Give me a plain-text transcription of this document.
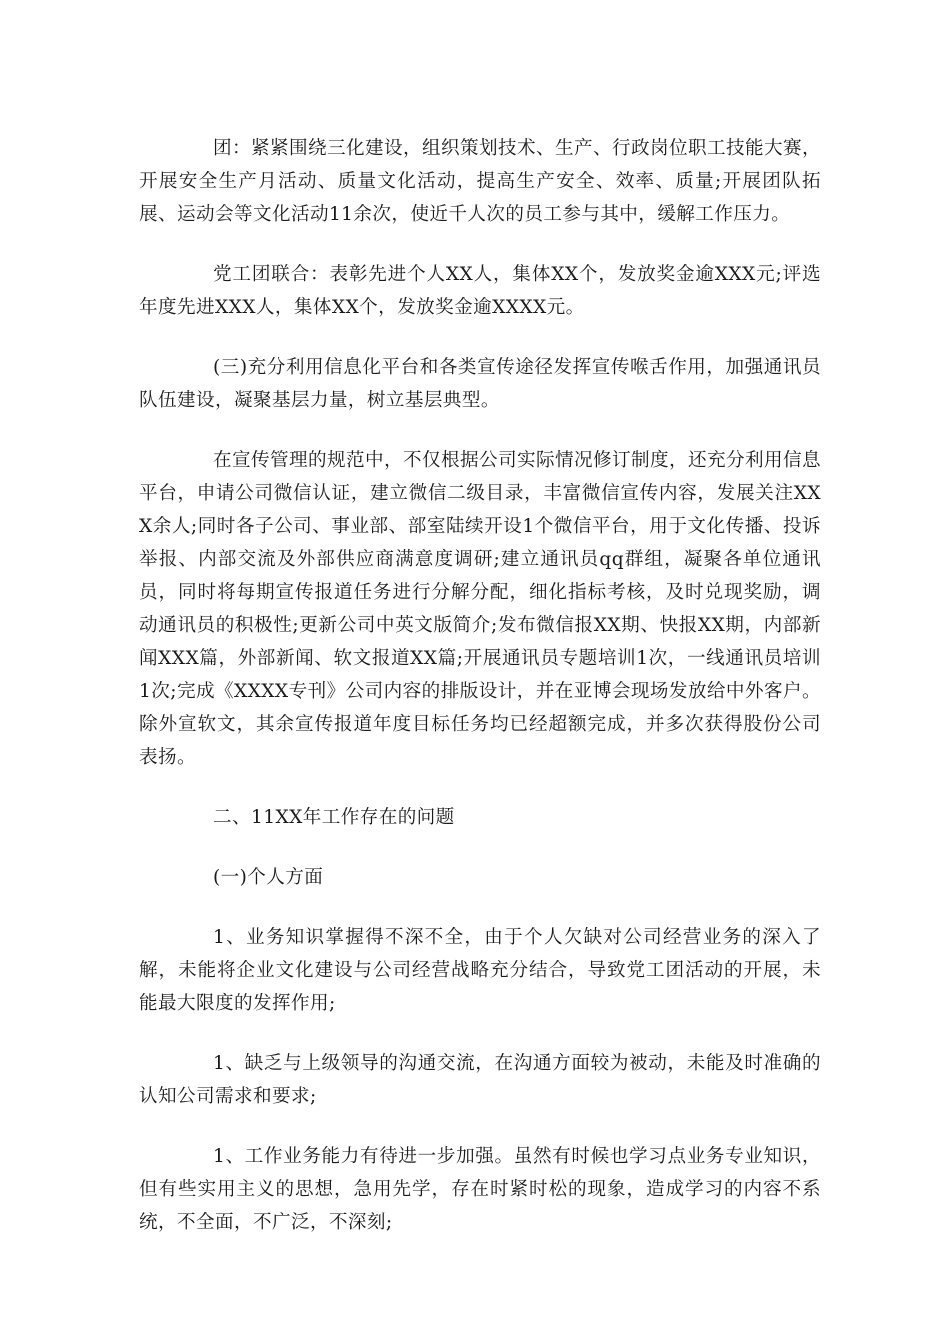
团：紧紧围绕三化建设，组织策划技术、生产、行政岗位职工技能大赛，开展安全生产月活动、质量文化活动，提高生产安全、效率、质量;开展团队拓展、运动会等文化活动11余次，使近千人次的员工参与其中，缓解工作压力。

党工团联合：表彰先进个人XX人，集体XX个，发放奖金逾XXX元;评选年度先进XXX人，集体XX个，发放奖金逾XXXX元。

(三)充分利用信息化平台和各类宣传途径发挥宣传喉舌作用，加强通讯员队伍建设，凝聚基层力量，树立基层典型。

在宣传管理的规范中，不仅根据公司实际情况修订制度，还充分利用信息平台，申请公司微信认证，建立微信二级目录，丰富微信宣传内容，发展关注XXX余人;同时各子公司、事业部、部室陆续开设1个微信平台，用于文化传播、投诉举报、内部交流及外部供应商满意度调研;建立通讯员qq群组，凝聚各单位通讯员，同时将每期宣传报道任务进行分解分配，细化指标考核，及时兑现奖励，调动通讯员的积极性;更新公司中英文版简介;发布微信报XX期、快报XX期，内部新闻XXX篇，外部新闻、软文报道XX篇;开展通讯员专题培训1次，一线通讯员培训1次;完成《XXXX专刊》公司内容的排版设计，并在亚博会现场发放给中外客户。除外宣软文，其余宣传报道年度目标任务均已经超额完成，并多次获得股份公司表扬。

二、11XX年工作存在的问题

(一)个人方面

1、业务知识掌握得不深不全，由于个人欠缺对公司经营业务的深入了解，未能将企业文化建设与公司经营战略充分结合，导致党工团活动的开展，未能最大限度的发挥作用;

1、缺乏与上级领导的沟通交流，在沟通方面较为被动，未能及时准确的认知公司需求和要求;

1、工作业务能力有待进一步加强。虽然有时候也学习点业务专业知识，但有些实用主义的思想，急用先学，存在时紧时松的现象，造成学习的内容不系统，不全面，不广泛，不深刻;
